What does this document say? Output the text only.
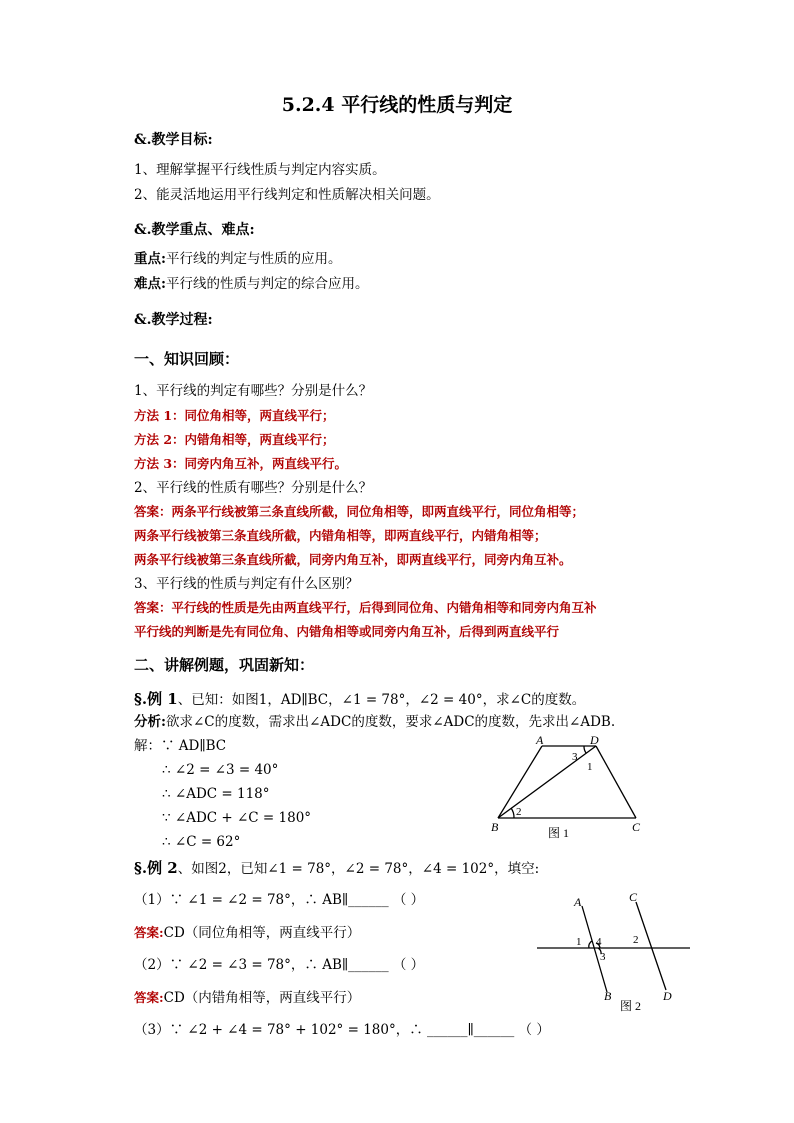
5.2.4 平行线的性质与判定
&.教学目标:
1、理解掌握平行线性质与判定内容实质。
2、能灵活地运用平行线判定和性质解决相关问题。
&.教学重点、难点:
重点:平行线的判定与性质的应用。
难点:平行线的性质与判定的综合应用。
&.教学过程:
一、知识回顾：
1、平行线的判定有哪些？分别是什么？
方法 1：同位角相等，两直线平行；
方法 2：内错角相等，两直线平行；
方法 3：同旁内角互补，两直线平行。
2、平行线的性质有哪些？分别是什么？
答案：两条平行线被第三条直线所截，同位角相等，即两直线平行，同位角相等；
两条平行线被第三条直线所截，内错角相等，即两直线平行，内错角相等；
两条平行线被第三条直线所截，同旁内角互补，即两直线平行，同旁内角互补。
3、平行线的性质与判定有什么区别？
答案：平行线的性质是先由两直线平行，后得到同位角、内错角相等和同旁内角互补
平行线的判断是先有同位角、内错角相等或同旁内角互补，后得到两直线平行
二、讲解例题，巩固新知：
§.例 1、已知：如图1，AD∥BC，∠1 = 78°，∠2 = 40°，求∠C的度数。
分析:欲求∠C的度数，需求出∠ADC的度数，要求∠ADC的度数，先求出∠ADB.
解：∵ AD∥BC
∴ ∠2 = ∠3 = 40°
∴ ∠ADC = 118°
∵ ∠ADC + ∠C = 180°
∴ ∠C = 62°
A	D
B	C
1
2
3
图 1
§.例 2、如图2，已知∠1 = 78°，∠2 = 78°，∠4 = 102°，填空:
（1）∵ ∠1 = ∠2 = 78°，∴ AB∥______ （ ）
答案:CD（同位角相等，两直线平行）
（2）∵ ∠2 = ∠3 = 78°，∴ AB∥______ （ ）
答案:CD（内错角相等，两直线平行）
（3）∵ ∠2 + ∠4 = 78° + 102° = 180°，∴ ______∥______ （ ）
A	C
B	D
1	2
3
4
图 2
